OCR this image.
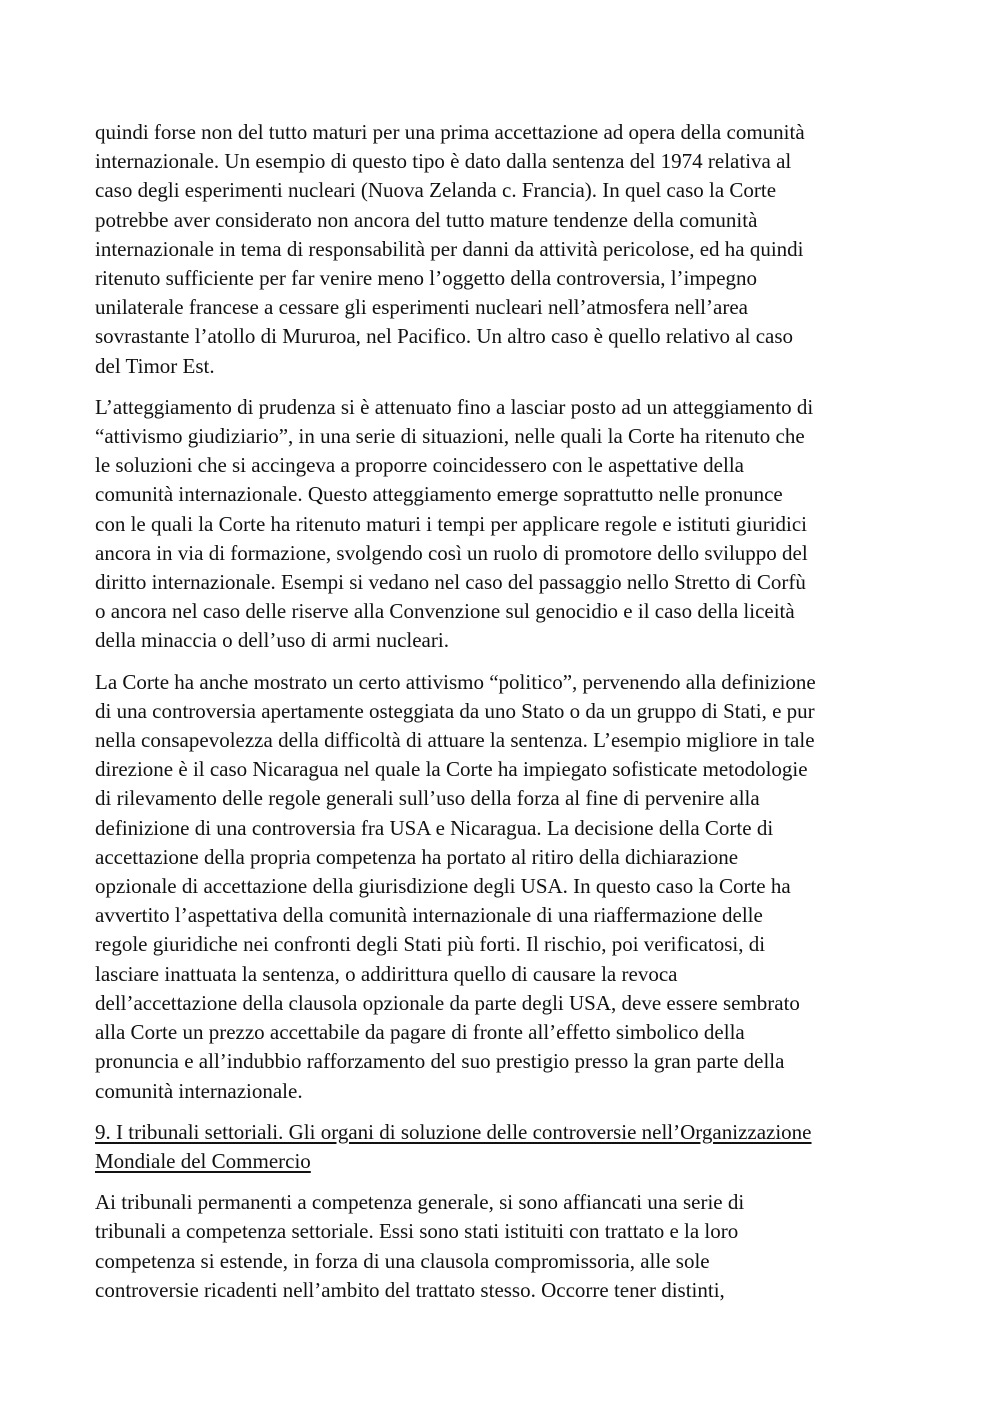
quindi forse non del tutto maturi per una prima accettazione ad opera della comunità
internazionale. Un esempio di questo tipo è dato dalla sentenza del 1974 relativa al
caso degli esperimenti nucleari (Nuova Zelanda c. Francia). In quel caso la Corte
potrebbe aver considerato non ancora del tutto mature tendenze della comunità
internazionale in tema di responsabilità per danni da attività pericolose, ed ha quindi
ritenuto sufficiente per far venire meno l’oggetto della controversia, l’impegno
unilaterale francese a cessare gli esperimenti nucleari nell’atmosfera nell’area
sovrastante l’atollo di Mururoa, nel Pacifico. Un altro caso è quello relativo al caso
del Timor Est.

L’atteggiamento di prudenza si è attenuato fino a lasciar posto ad un atteggiamento di
“attivismo giudiziario”, in una serie di situazioni, nelle quali la Corte ha ritenuto che
le soluzioni che si accingeva a proporre coincidessero con le aspettative della
comunità internazionale. Questo atteggiamento emerge soprattutto nelle pronunce
con le quali la Corte ha ritenuto maturi i tempi per applicare regole e istituti giuridici
ancora in via di formazione, svolgendo così un ruolo di promotore dello sviluppo del
diritto internazionale. Esempi si vedano nel caso del passaggio nello Stretto di Corfù
o ancora nel caso delle riserve alla Convenzione sul genocidio e il caso della liceità
della minaccia o dell’uso di armi nucleari.

La Corte ha anche mostrato un certo attivismo “politico”, pervenendo alla definizione
di una controversia apertamente osteggiata da uno Stato o da un gruppo di Stati, e pur
nella consapevolezza della difficoltà di attuare la sentenza. L’esempio migliore in tale
direzione è il caso Nicaragua nel quale la Corte ha impiegato sofisticate metodologie
di rilevamento delle regole generali sull’uso della forza al fine di pervenire alla
definizione di una controversia fra USA e Nicaragua. La decisione della Corte di
accettazione della propria competenza ha portato al ritiro della dichiarazione
opzionale di accettazione della giurisdizione degli USA. In questo caso la Corte ha
avvertito l’aspettativa della comunità internazionale di una riaffermazione delle
regole giuridiche nei confronti degli Stati più forti. Il rischio, poi verificatosi, di
lasciare inattuata la sentenza, o addirittura quello di causare la revoca
dell’accettazione della clausola opzionale da parte degli USA, deve essere sembrato
alla Corte un prezzo accettabile da pagare di fronte all’effetto simbolico della
pronuncia e all’indubbio rafforzamento del suo prestigio presso la gran parte della
comunità internazionale.

9. I tribunali settoriali. Gli organi di soluzione delle controversie nell’Organizzazione
Mondiale del Commercio

Ai tribunali permanenti a competenza generale, si sono affiancati una serie di
tribunali a competenza settoriale. Essi sono stati istituiti con trattato e la loro
competenza si estende, in forza di una clausola compromissoria, alle sole
controversie ricadenti nell’ambito del trattato stesso. Occorre tener distinti,
